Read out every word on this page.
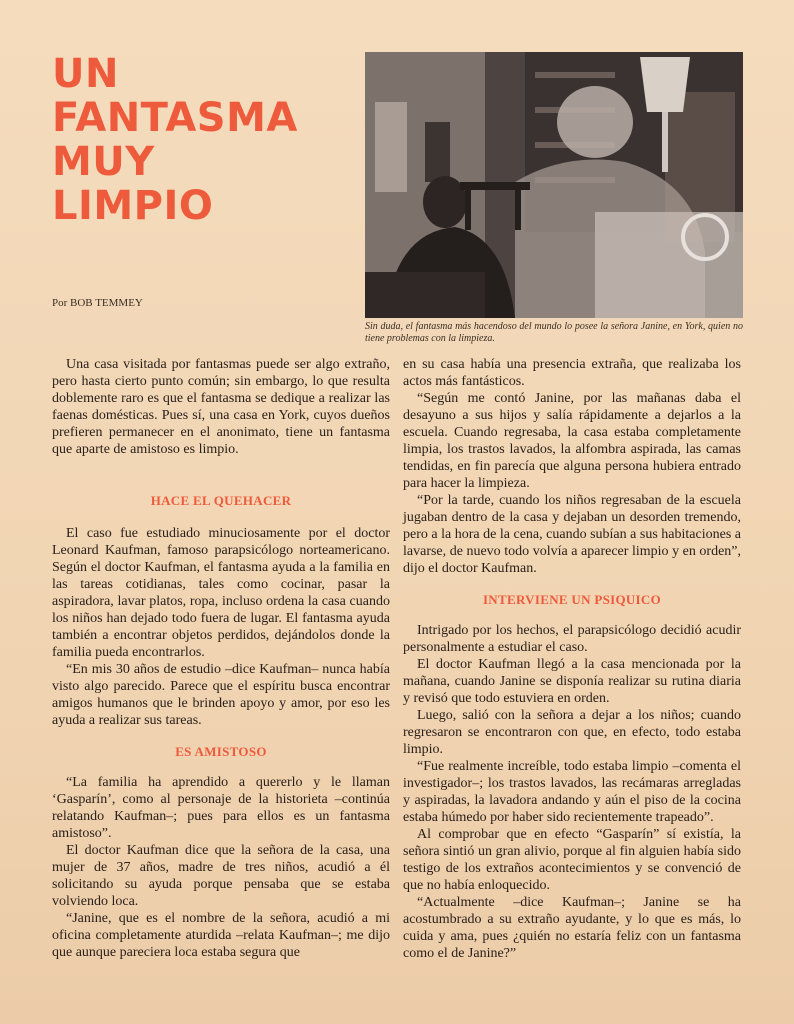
UN
FANTASMA
MUY
LIMPIO
Por BOB TEMMEY
Sin duda, el fantasma más hacendoso del mundo lo posee la señora Janine, en York, quien no tiene problemas con la limpieza.

Una casa visitada por fantasmas puede ser algo extraño, pero hasta cierto punto común; sin embargo, lo que resulta doblemente raro es que el fantasma se dedique a realizar las faenas domésticas. Pues sí, una casa en York, cuyos dueños prefieren permanecer en el anonimato, tiene un fantasma que aparte de amistoso es limpio.

HACE EL QUEHACER

El caso fue estudiado minuciosamente por el doctor Leonard Kaufman, famoso parapsicólogo norteamericano. Según el doctor Kaufman, el fantasma ayuda a la familia en las tareas cotidianas, tales como cocinar, pasar la aspiradora, lavar platos, ropa, incluso ordena la casa cuando los niños han dejado todo fuera de lugar. El fantasma ayuda también a encontrar objetos perdidos, dejándolos donde la familia pueda encontrarlos.

“En mis 30 años de estudio –dice Kaufman– nunca había visto algo parecido. Parece que el espíritu busca encontrar amigos humanos que le brinden apoyo y amor, por eso les ayuda a realizar sus tareas.

ES AMISTOSO

“La familia ha aprendido a quererlo y le llaman ‘Gasparín’, como al personaje de la historieta –continúa relatando Kaufman–; pues para ellos es un fantasma amistoso”.

El doctor Kaufman dice que la señora de la casa, una mujer de 37 años, madre de tres niños, acudió a él solicitando su ayuda porque pensaba que se estaba volviendo loca.

“Janine, que es el nombre de la señora, acudió a mi oficina completamente aturdida –relata Kaufman–; me dijo que aunque pareciera loca estaba segura que

en su casa había una presencia extraña, que realizaba los actos más fantásticos.

“Según me contó Janine, por las mañanas daba el desayuno a sus hijos y salía rápidamente a dejarlos a la escuela. Cuando regresaba, la casa estaba completamente limpia, los trastos lavados, la alfombra aspirada, las camas tendidas, en fin parecía que alguna persona hubiera entrado para hacer la limpieza.

“Por la tarde, cuando los niños regresaban de la escuela jugaban dentro de la casa y dejaban un desorden tremendo, pero a la hora de la cena, cuando subían a sus habitaciones a lavarse, de nuevo todo volvía a aparecer limpio y en orden”, dijo el doctor Kaufman.

INTERVIENE UN PSIQUICO

Intrigado por los hechos, el parapsicólogo decidió acudir personalmente a estudiar el caso.

El doctor Kaufman llegó a la casa mencionada por la mañana, cuando Janine se disponía realizar su rutina diaria y revisó que todo estuviera en orden.

Luego, salió con la señora a dejar a los niños; cuando regresaron se encontraron con que, en efecto, todo estaba limpio.

“Fue realmente increíble, todo estaba limpio –comenta el investigador–; los trastos lavados, las recámaras arregladas y aspiradas, la lavadora andando y aún el piso de la cocina estaba húmedo por haber sido recientemente trapeado”.

Al comprobar que en efecto “Gasparín” sí existía, la señora sintió un gran alivio, porque al fin alguien había sido testigo de los extraños acontecimientos y se convenció de que no había enloquecido.

“Actualmente –dice Kaufman–; Janine se ha acostumbrado a su extraño ayudante, y lo que es más, lo cuida y ama, pues ¿quién no estaría feliz con un fantasma como el de Janine?”
